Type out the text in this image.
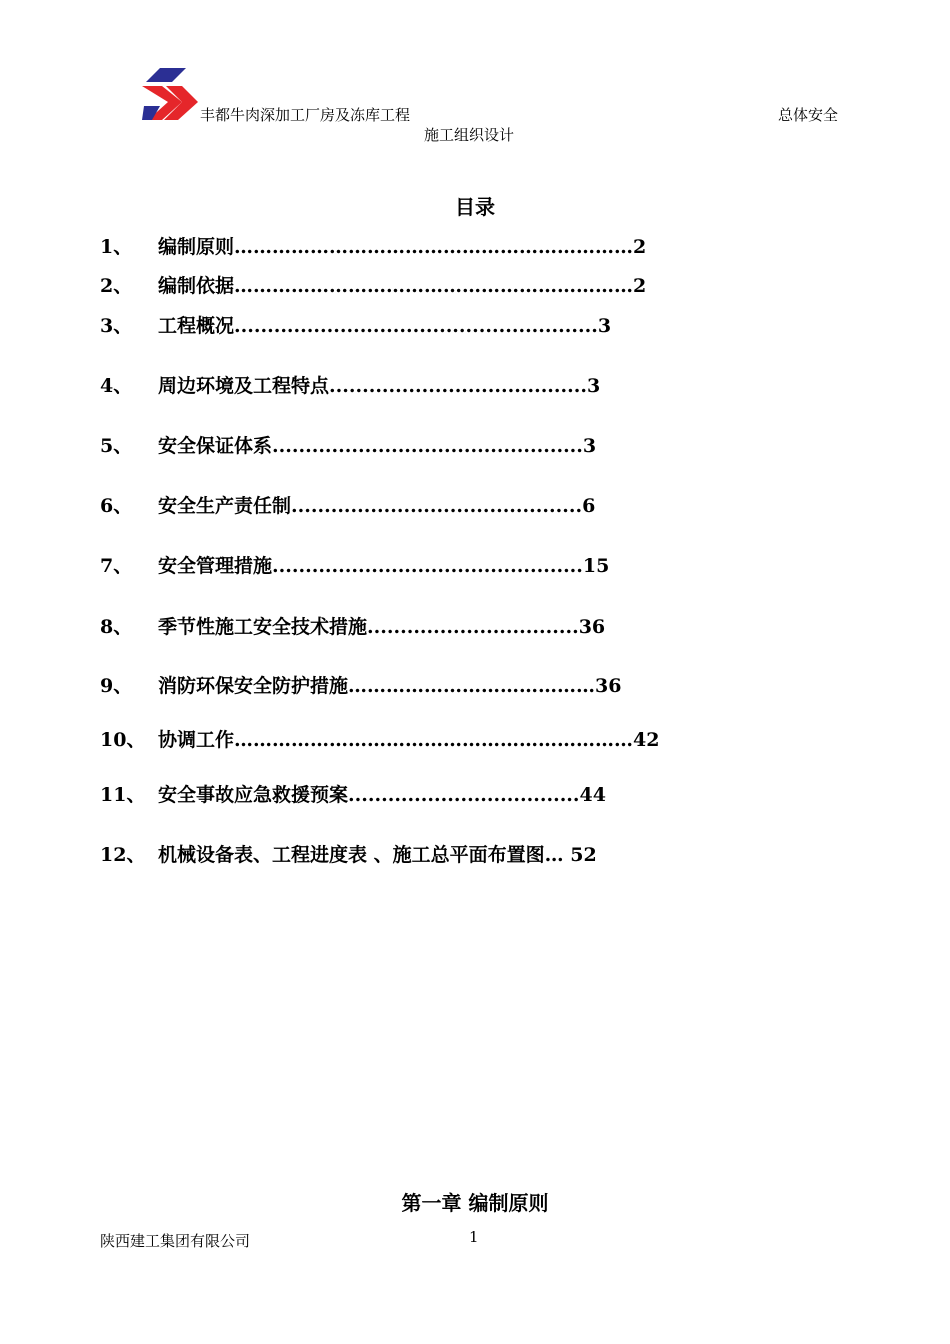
丰都牛肉深加工厂房及冻库工程	总体安全
施工组织设计
目录
1、 编制原则………………………………………………………2
2、 编制依据………………………………………………………2
3、 工程概况.......................................................3
4、 周边环境及工程特点.......................................3
5、 安全保证体系...............................................3
6、 安全生产责任制............................................6
7、 安全管理措施...............................................15
8、 季节性施工安全技术措施................................36
9、 消防环保安全防护措施…………………………………36
10、 协调工作………………………………………………………42
11、 安全事故应急救援预案...................................44
12、 机械设备表、工程进度表 、施工总平面布置图… 52
第一章 编制原则
陕西建工集团有限公司	1
